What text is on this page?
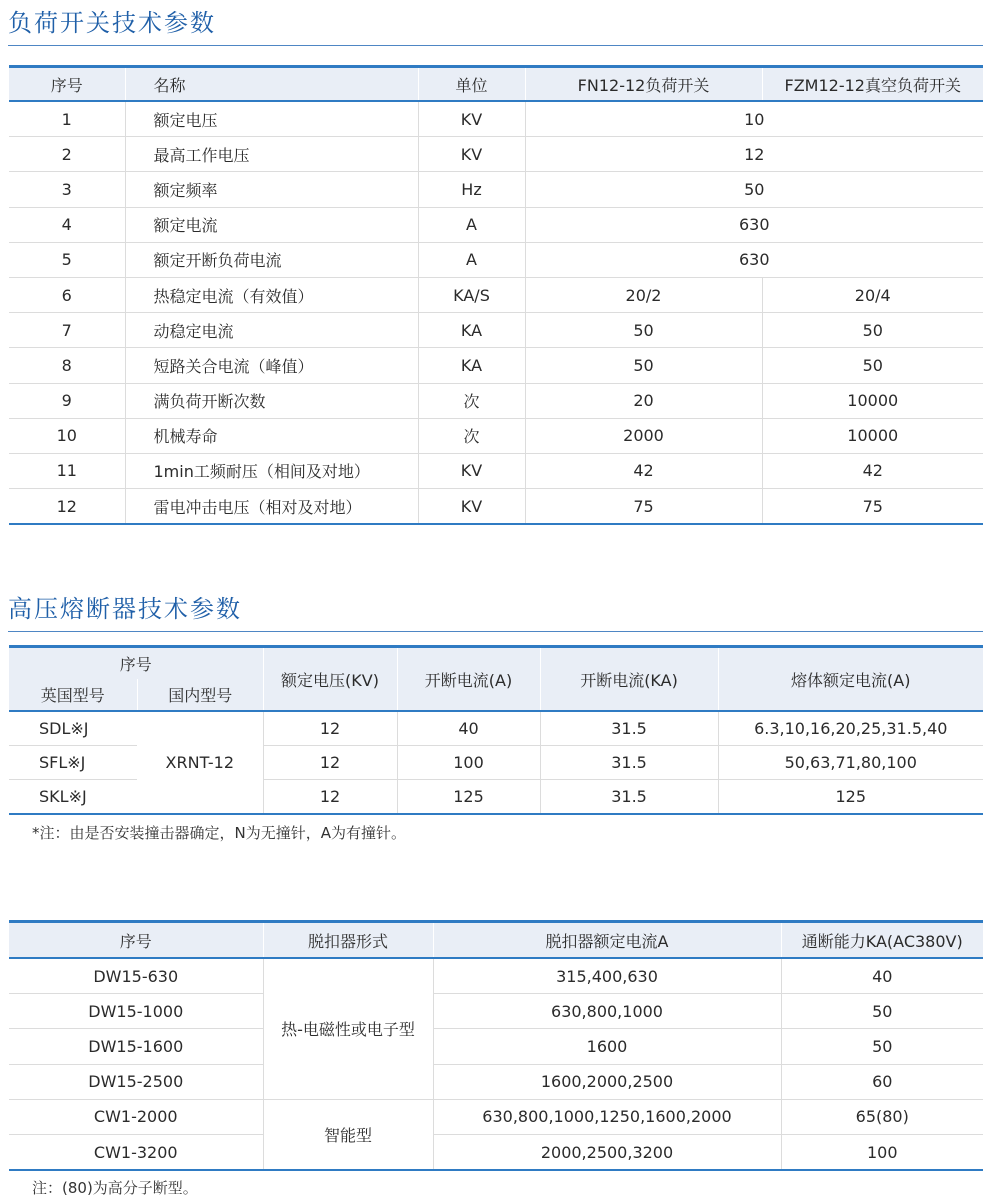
负荷开关技术参数
序号	名称	单位	FN12-12负荷开关	FZM12-12真空负荷开关
1	额定电压	KV	10	
2	最高工作电压	KV	12	
3	额定频率	Hz	50	
4	额定电流	A	630	
5	额定开断负荷电流	A	630	
6	热稳定电流（有效值）	KA/S	20/2	20/4
7	动稳定电流	KA	50	50
8	短路关合电流（峰值）	KA	50	50
9	满负荷开断次数	次	20	10000
10	机械寿命	次	2000	10000
11	1min工频耐压（相间及对地）	KV	42	42
12	雷电冲击电压（相对及对地）	KV	75	75
高压熔断器技术参数
序号		额定电压(KV)	开断电流(A)	开断电流(KA)	熔体额定电流(A)
英国型号	国内型号				
SDL※J	XRNT-12	12	40	31.5	6.3,10,16,20,25,31.5,40
SFL※J		12	100	31.5	50,63,71,80,100
SKL※J		12	125	31.5	125
*注：由是否安装撞击器确定，N为无撞针，A为有撞针。
序号	脱扣器形式	脱扣器额定电流A	通断能力KA(AC380V)
DW15-630	热-电磁性或电子型	315,400,630	40
DW15-1000		630,800,1000	50
DW15-1600		1600	50
DW15-2500		1600,2000,2500	60
CW1-2000	智能型	630,800,1000,1250,1600,2000	65(80)
CW1-3200		2000,2500,3200	100
注：(80)为高分子断型。
